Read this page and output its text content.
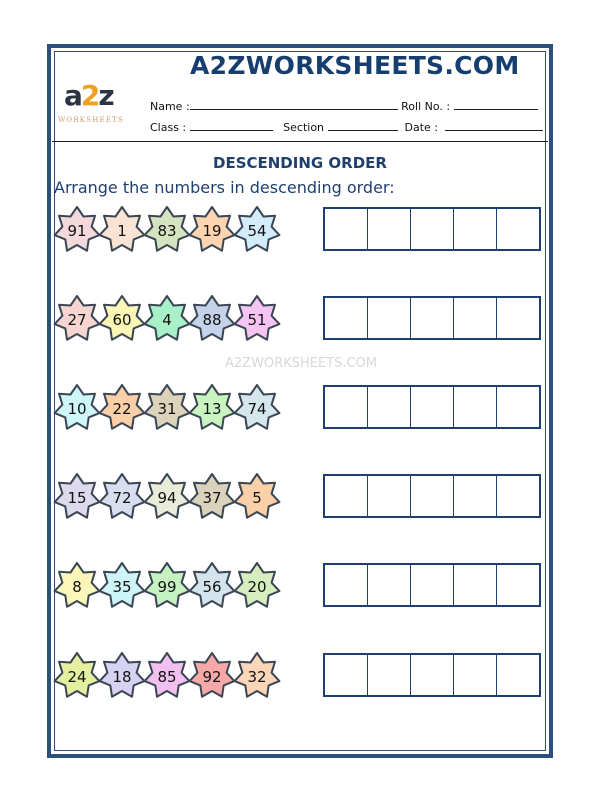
a2z
WORKSHEETS
A2ZWORKSHEETS.COM
Name :	Roll No. :
Class :	Section	Date :
DESCENDING ORDER
Arrange the numbers in descending order:
A2ZWORKSHEETS.COM
91 1 83 19 54
27 60 4 88 51
10 22 31 13 74
15 72 94 37 5
8 35 99 56 20
24 18 85 92 32
